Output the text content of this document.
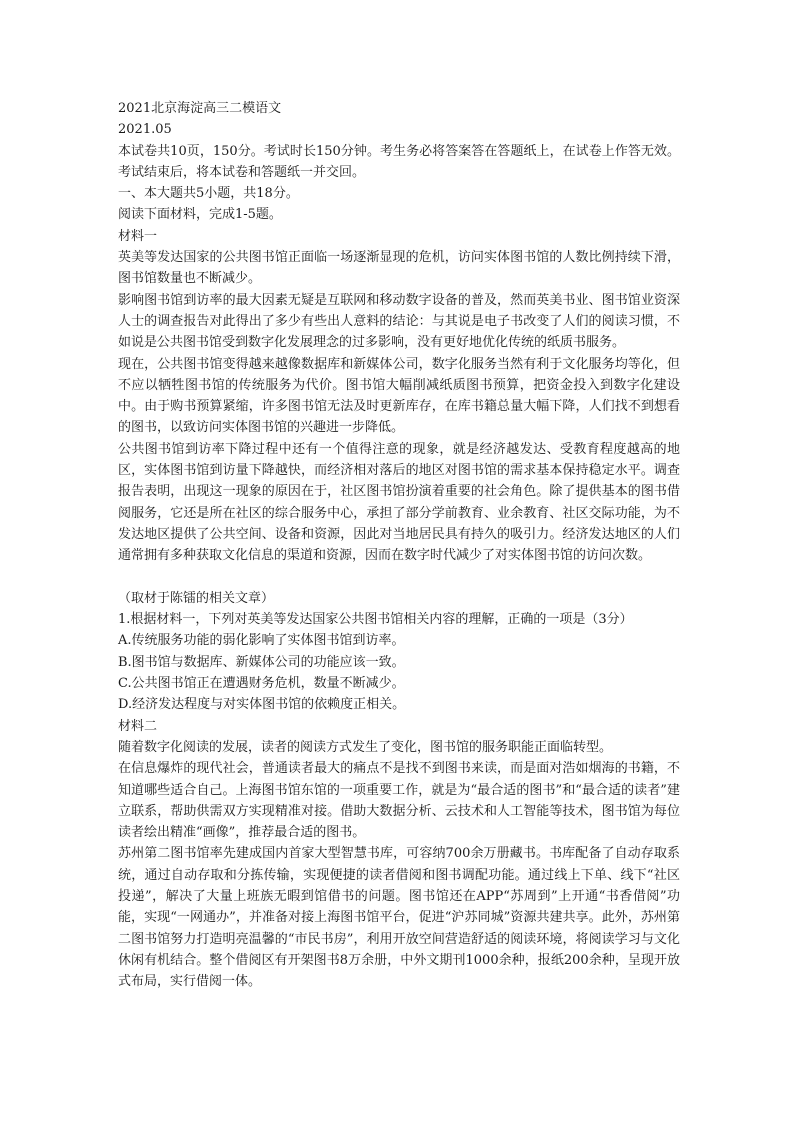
2021北京海淀高三二模语文

2021.05

本试卷共10页，150分。考试时长150分钟。考生务必将答案答在答题纸上，在试卷上作答无效。考试结束后，将本试卷和答题纸一并交回。

一、本大题共5小题，共18分。

阅读下面材料，完成1-5题。

材料一

英美等发达国家的公共图书馆正面临一场逐渐显现的危机，访问实体图书馆的人数比例持续下滑，图书馆数量也不断减少。

影响图书馆到访率的最大因素无疑是互联网和移动数字设备的普及，然而英美书业、图书馆业资深人士的调查报告对此得出了多少有些出人意料的结论：与其说是电子书改变了人们的阅读习惯，不如说是公共图书馆受到数字化发展理念的过多影响，没有更好地优化传统的纸质书服务。

现在，公共图书馆变得越来越像数据库和新媒体公司，数字化服务当然有利于文化服务均等化，但不应以牺牲图书馆的传统服务为代价。图书馆大幅削减纸质图书预算，把资金投入到数字化建设中。由于购书预算紧缩，许多图书馆无法及时更新库存，在库书籍总量大幅下降，人们找不到想看的图书，以致访问实体图书馆的兴趣进一步降低。

公共图书馆到访率下降过程中还有一个值得注意的现象，就是经济越发达、受教育程度越高的地区，实体图书馆到访量下降越快，而经济相对落后的地区对图书馆的需求基本保持稳定水平。调查报告表明，出现这一现象的原因在于，社区图书馆扮演着重要的社会角色。除了提供基本的图书借阅服务，它还是所在社区的综合服务中心，承担了部分学前教育、业余教育、社区交际功能，为不发达地区提供了公共空间、设备和资源，因此对当地居民具有持久的吸引力。经济发达地区的人们通常拥有多种获取文化信息的渠道和资源，因而在数字时代减少了对实体图书馆的访问次数。

（取材于陈镭的相关文章）

1.根据材料一，下列对英美等发达国家公共图书馆相关内容的理解，正确的一项是（3分）

A.传统服务功能的弱化影响了实体图书馆到访率。

B.图书馆与数据库、新媒体公司的功能应该一致。

C.公共图书馆正在遭遇财务危机，数量不断减少。

D.经济发达程度与对实体图书馆的依赖度正相关。

材料二

随着数字化阅读的发展，读者的阅读方式发生了变化，图书馆的服务职能正面临转型。

在信息爆炸的现代社会，普通读者最大的痛点不是找不到图书来读，而是面对浩如烟海的书籍，不知道哪些适合自己。上海图书馆东馆的一项重要工作，就是为“最合适的图书”和“最合适的读者”建立联系，帮助供需双方实现精准对接。借助大数据分析、云技术和人工智能等技术，图书馆为每位读者绘出精准“画像”，推荐最合适的图书。

苏州第二图书馆率先建成国内首家大型智慧书库，可容纳700余万册藏书。书库配备了自动存取系统，通过自动存取和分拣传输，实现便捷的读者借阅和图书调配功能。通过线上下单、线下“社区投递”，解决了大量上班族无暇到馆借书的问题。图书馆还在APP“苏周到”上开通“书香借阅”功能，实现“一网通办”，并准备对接上海图书馆平台，促进“沪苏同城”资源共建共享。此外，苏州第二图书馆努力打造明亮温馨的“市民书房”，利用开放空间营造舒适的阅读环境，将阅读学习与文化休闲有机结合。整个借阅区有开架图书8万余册，中外文期刊1000余种，报纸200余种，呈现开放式布局，实行借阅一体。
